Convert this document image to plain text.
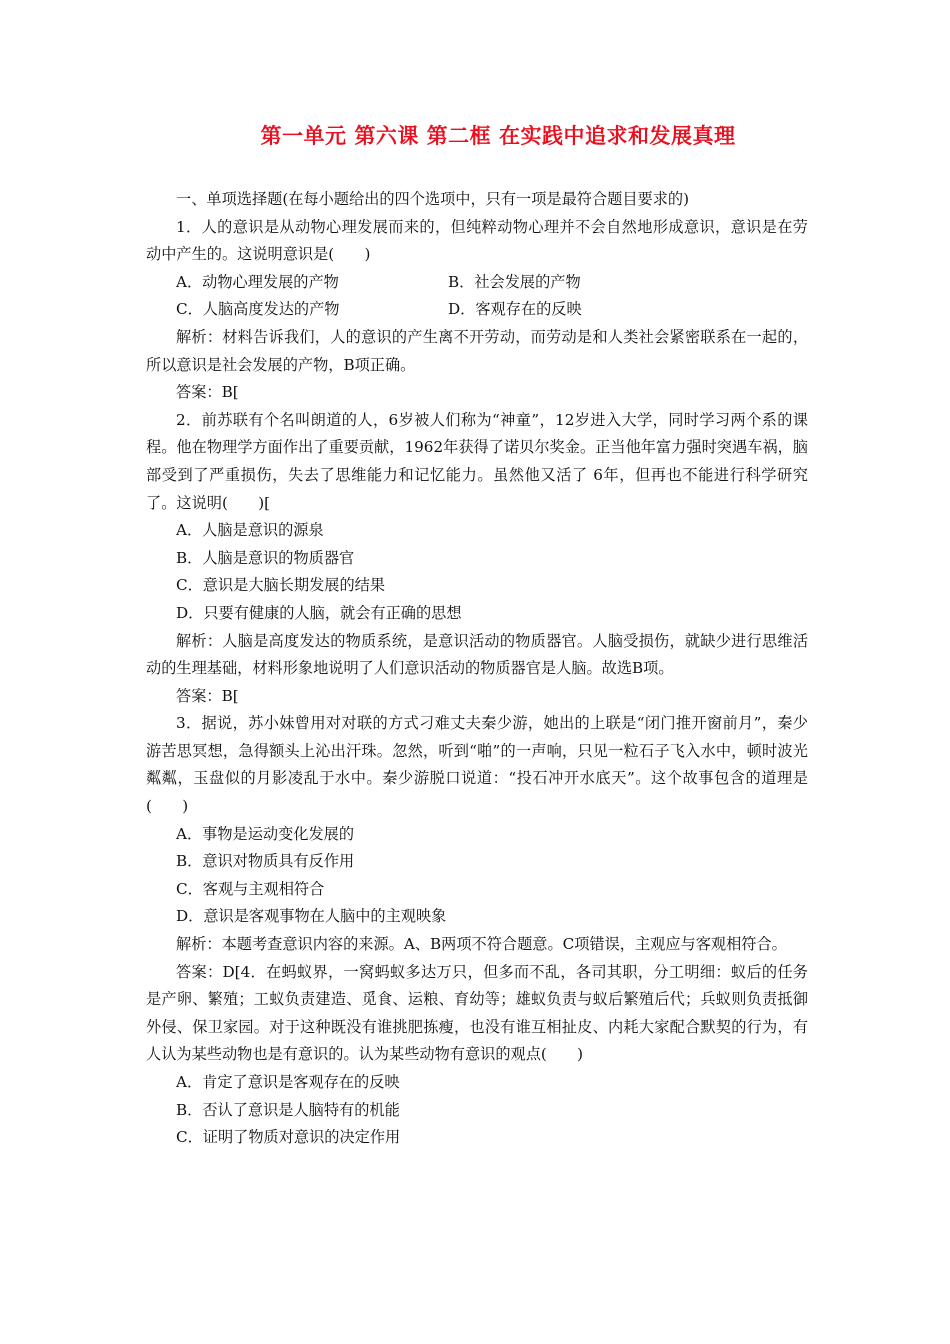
第一单元 第六课 第二框 在实践中追求和发展真理

一、单项选择题(在每小题给出的四个选项中，只有一项是最符合题目要求的)

1．人的意识是从动物心理发展而来的，但纯粹动物心理并不会自然地形成意识，意识是在劳动中产生的。这说明意识是(　　)

A．动物心理发展的产物	B．社会发展的产物
C．人脑高度发达的产物	D．客观存在的反映

解析：材料告诉我们，人的意识的产生离不开劳动，而劳动是和人类社会紧密联系在一起的，所以意识是社会发展的产物，B项正确。

答案：B[

2．前苏联有个名叫朗道的人，6岁被人们称为“神童”，12岁进入大学，同时学习两个系的课程。他在物理学方面作出了重要贡献，1962年获得了诺贝尔奖金。正当他年富力强时突遇车祸，脑部受到了严重损伤，失去了思维能力和记忆能力。虽然他又活了 6年，但再也不能进行科学研究了。这说明(　　)[

A．人脑是意识的源泉

B．人脑是意识的物质器官

C．意识是大脑长期发展的结果

D．只要有健康的人脑，就会有正确的思想

解析：人脑是高度发达的物质系统，是意识活动的物质器官。人脑受损伤，就缺少进行思维活动的生理基础，材料形象地说明了人们意识活动的物质器官是人脑。故选B项。

答案：B[

3．据说，苏小妹曾用对对联的方式刁难丈夫秦少游，她出的上联是“闭门推开窗前月”，秦少游苦思冥想，急得额头上沁出汗珠。忽然，听到“啪”的一声响，只见一粒石子飞入水中，顿时波光粼粼，玉盘似的月影凌乱于水中。秦少游脱口说道：“投石冲开水底天”。这个故事包含的道理是(　　)

A．事物是运动变化发展的

B．意识对物质具有反作用

C．客观与主观相符合

D．意识是客观事物在人脑中的主观映象

解析：本题考查意识内容的来源。A、B两项不符合题意。C项错误，主观应与客观相符合。

答案：D[4．在蚂蚁界，一窝蚂蚁多达万只，但多而不乱，各司其职，分工明细：蚁后的任务是产卵、繁殖；工蚁负责建造、觅食、运粮、育幼等；雄蚁负责与蚁后繁殖后代；兵蚁则负责抵御外侵、保卫家园。对于这种既没有谁挑肥拣瘦，也没有谁互相扯皮、内耗大家配合默契的行为，有人认为某些动物也是有意识的。认为某些动物有意识的观点(　　)

A．肯定了意识是客观存在的反映

B．否认了意识是人脑特有的机能

C．证明了物质对意识的决定作用
